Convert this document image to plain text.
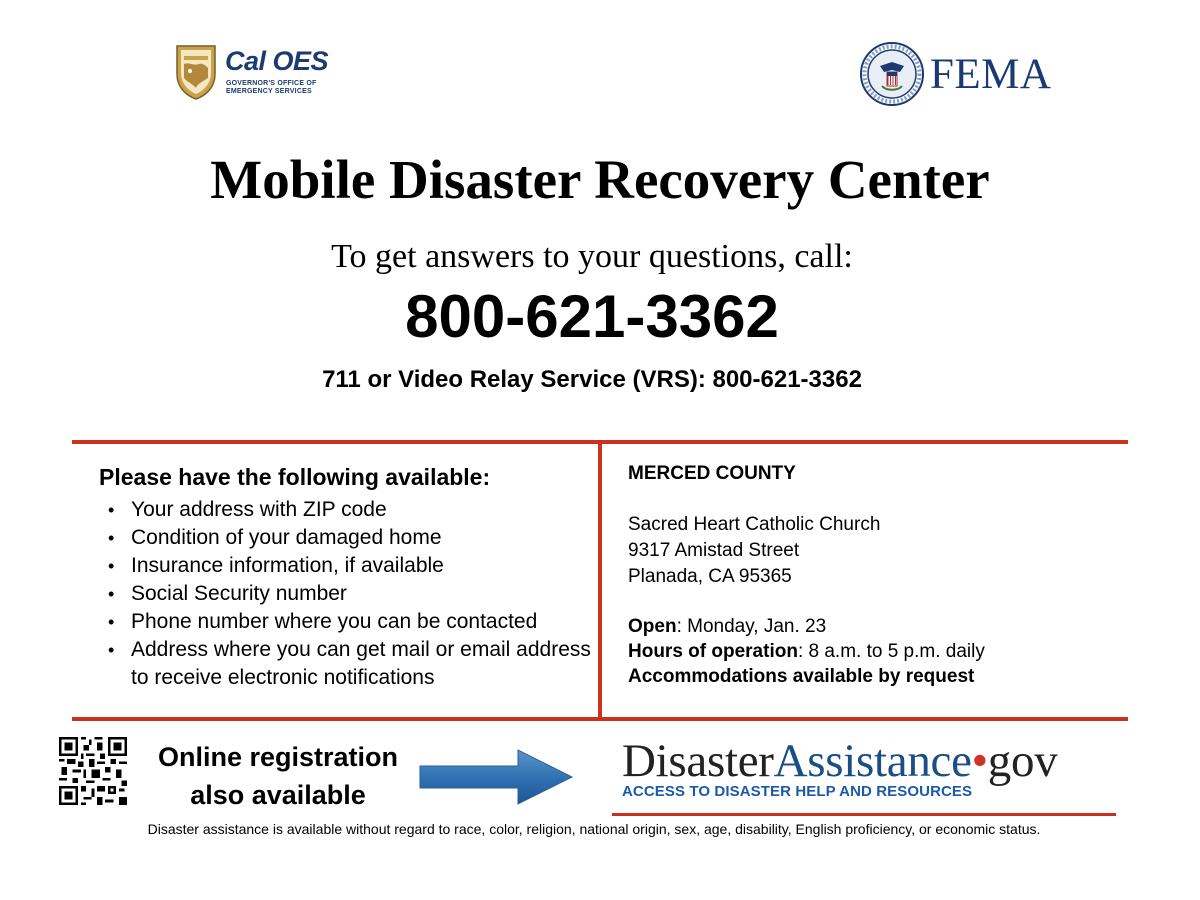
Cal OES
GOVERNOR'S OFFICE OF EMERGENCY SERVICES	FEMA
Mobile Disaster Recovery Center
To get answers to your questions, call:
800-621-3362
711 or Video Relay Service (VRS): 800-621-3362
Please have the following available:
• Your address with ZIP code
• Condition of your damaged home
• Insurance information, if available
• Social Security number
• Phone number where you can be contacted
• Address where you can get mail or email address to receive electronic notifications
MERCED COUNTY
Sacred Heart Catholic Church
9317 Amistad Street
Planada, CA 95365
Open: Monday, Jan. 23
Hours of operation: 8 a.m. to 5 p.m. daily
Accommodations available by request
Online registration
also available
DisasterAssistance•gov
ACCESS TO DISASTER HELP AND RESOURCES
Disaster assistance is available without regard to race, color, religion, national origin, sex, age, disability, English proficiency, or economic status.
